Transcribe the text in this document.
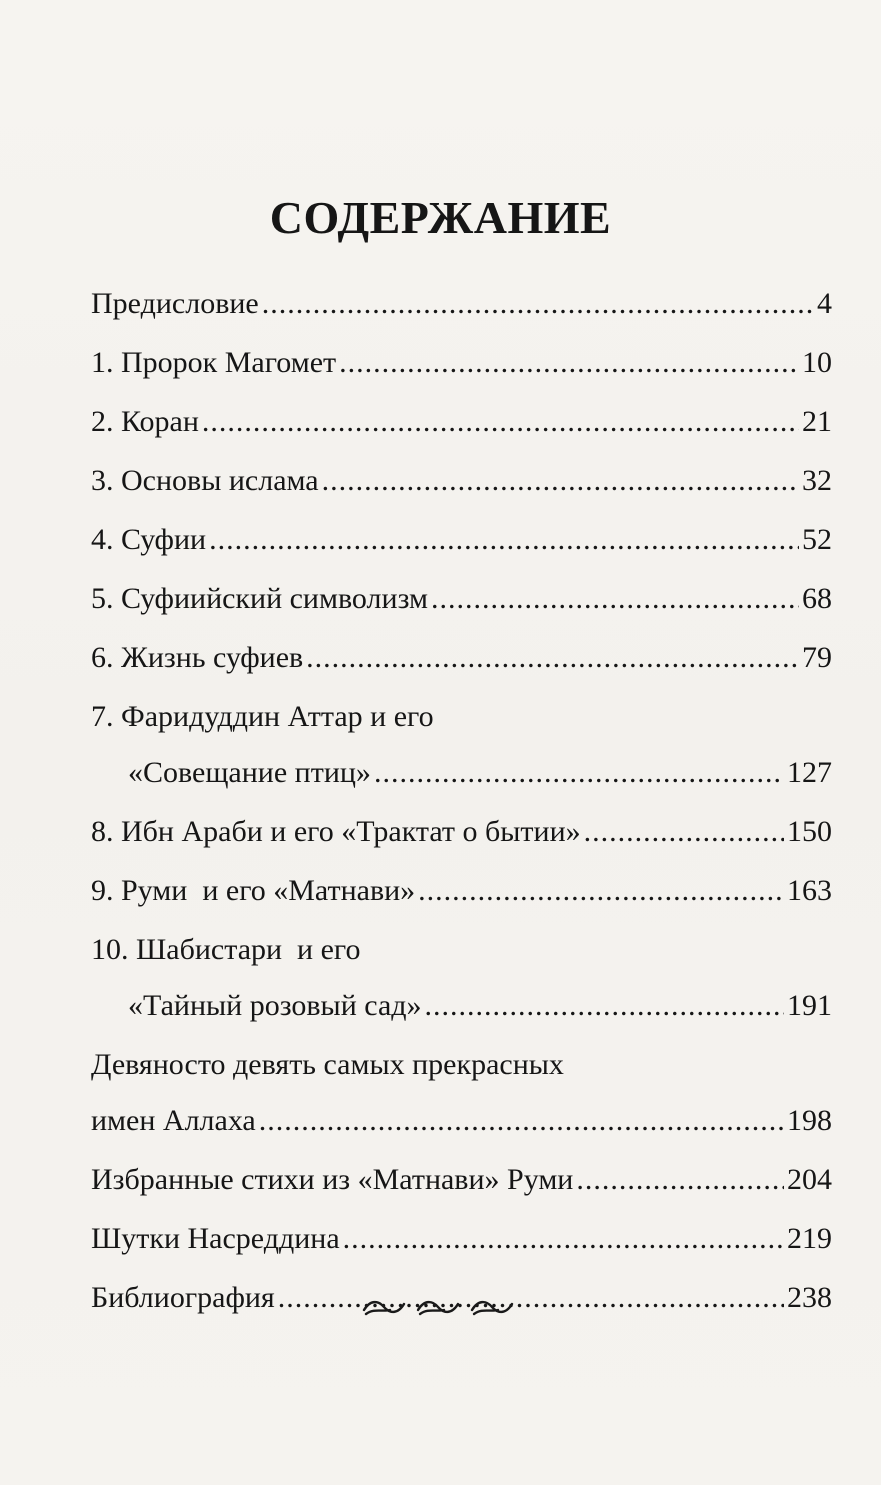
СОДЕРЖАНИЕ
Предисловие .....	4
1. Пророк Магомет .....	10
2. Коран .....	21
3. Основы ислама .....	32
4. Суфии .....	52
5. Суфиийский символизм .....	68
6. Жизнь суфиев .....	79
7. Фаридуддин Аттар и его
«Совещание птиц» .....	127
8. Ибн Араби и его «Трактат о бытии» .....	150
9. Руми  и его «Матнави» .....	163
10. Шабистари  и его
«Тайный розовый сад» .....	191
Девяносто девять самых прекрасных
имен Аллаха .....	198
Избранные стихи из «Матнави» Руми .....	204
Шутки Насреддина .....	219
Библиография .....	238
